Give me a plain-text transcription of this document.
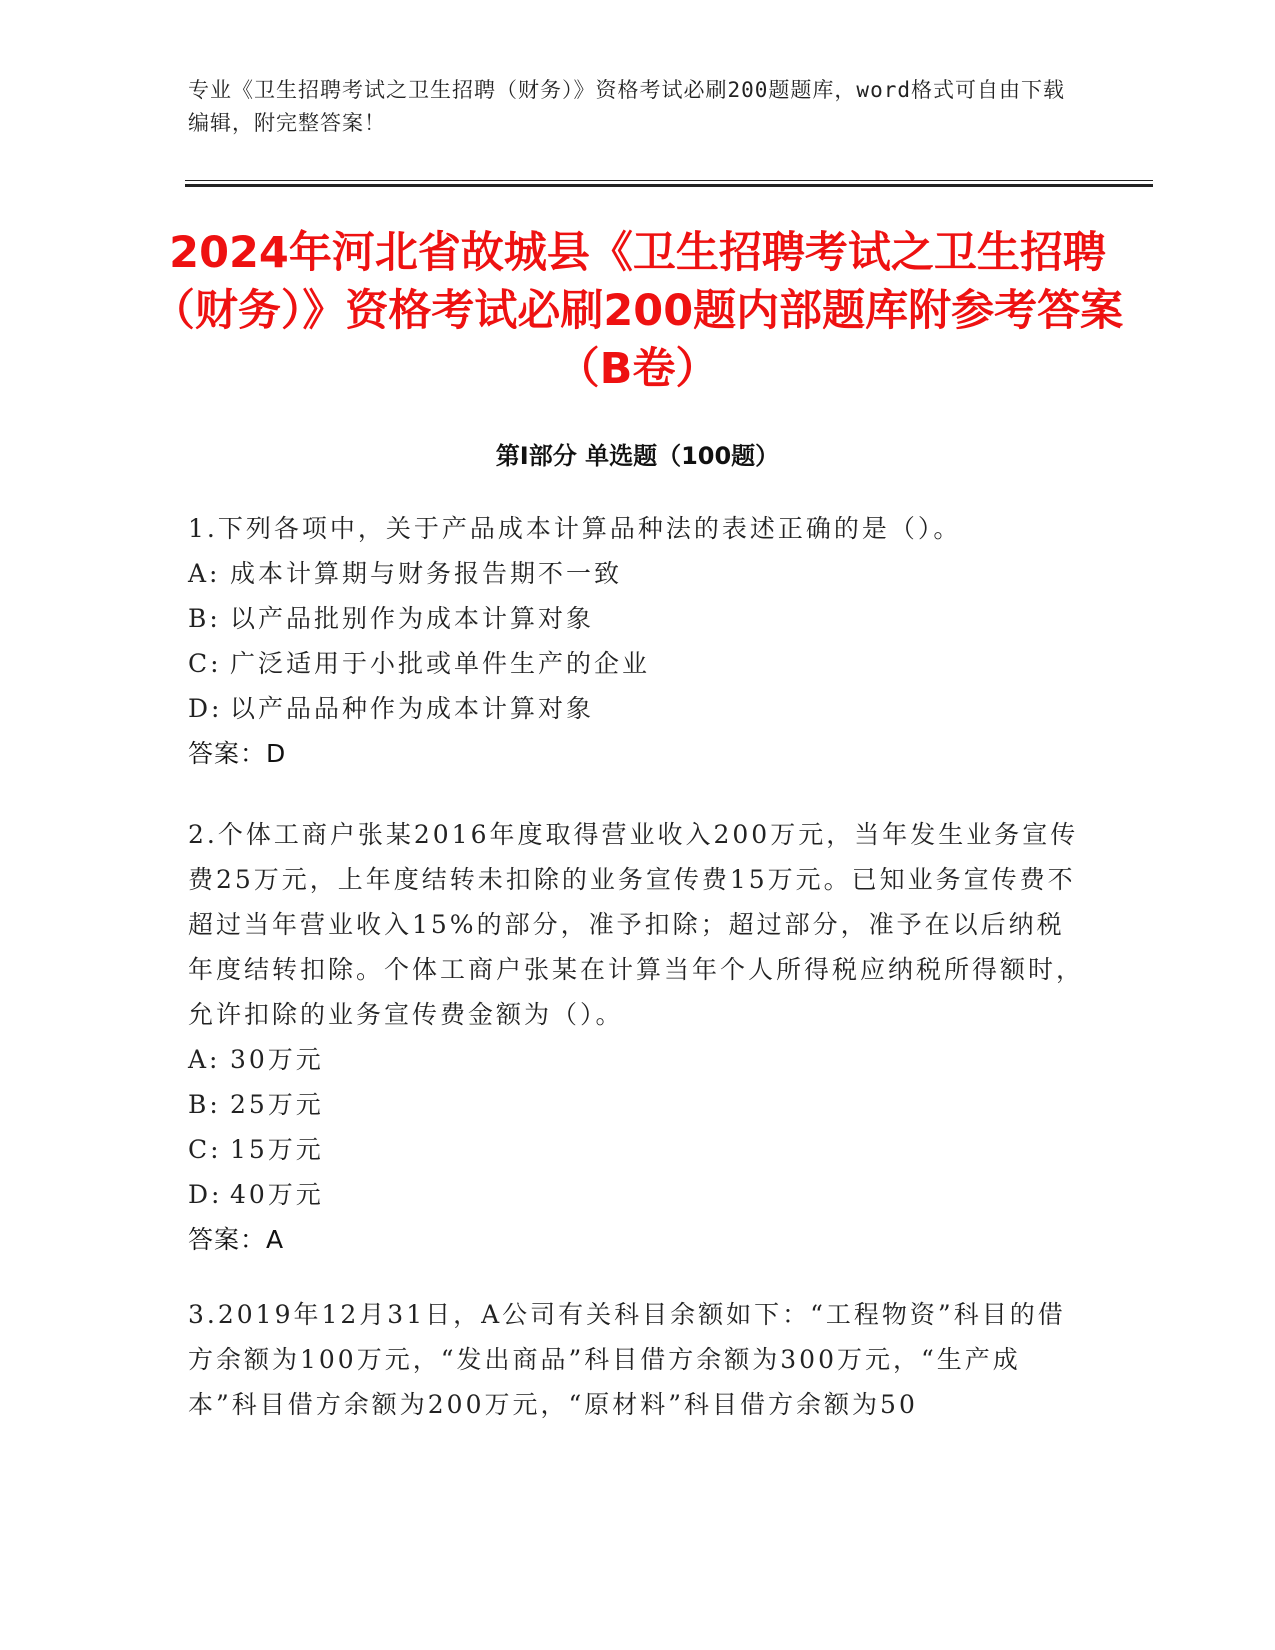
专业《卫生招聘考试之卫生招聘（财务）》资格考试必刷200题题库，word格式可自由下载编辑，附完整答案！
2024年河北省故城县《卫生招聘考试之卫生招聘（财务）》资格考试必刷200题内部题库附参考答案（B卷）
第Ⅰ部分 单选题（100题）

1.下列各项中，关于产品成本计算品种法的表述正确的是（）。

A: 成本计算期与财务报告期不一致

B: 以产品批别作为成本计算对象

C: 广泛适用于小批或单件生产的企业

D: 以产品品种作为成本计算对象

答案：D

2.个体工商户张某2016年度取得营业收入200万元，当年发生业务宣传费25万元，上年度结转未扣除的业务宣传费15万元。已知业务宣传费不超过当年营业收入15%的部分，准予扣除；超过部分，准予在以后纳税年度结转扣除。个体工商户张某在计算当年个人所得税应纳税所得额时，允许扣除的业务宣传费金额为（）。

A: 30万元

B: 25万元

C: 15万元

D: 40万元

答案：A

3.2019年12月31日，A公司有关科目余额如下：“工程物资”科目的借方余额为100万元，“发出商品”科目借方余额为300万元，“生产成本”科目借方余额为200万元，“原材料”科目借方余额为50
